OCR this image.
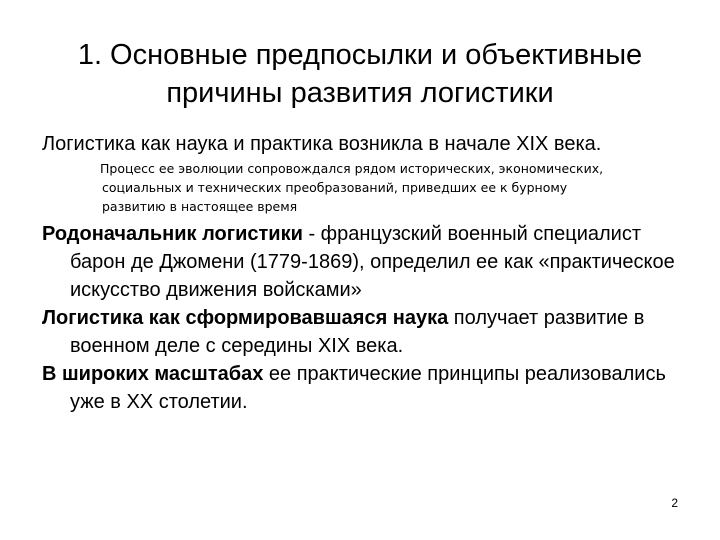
1. Основные предпосылки и объективные
причины развития логистики

Логистика как наука и практика возникла в начале XIX века.

Процесс ее эволюции сопровождался рядом исторических, экономических,
социальных и технических преобразований, приведших ее к бурному
развитию в настоящее время

Родоначальник логистики - французский военный специалист барон де Джомени (1779-1869), определил ее как «практическое искусство движения войсками»

Логистика как сформировавшаяся наука получает развитие в военном деле с середины XIX века.

В широких масштабах ее практические принципы реализовались уже в XX столетии.

2
